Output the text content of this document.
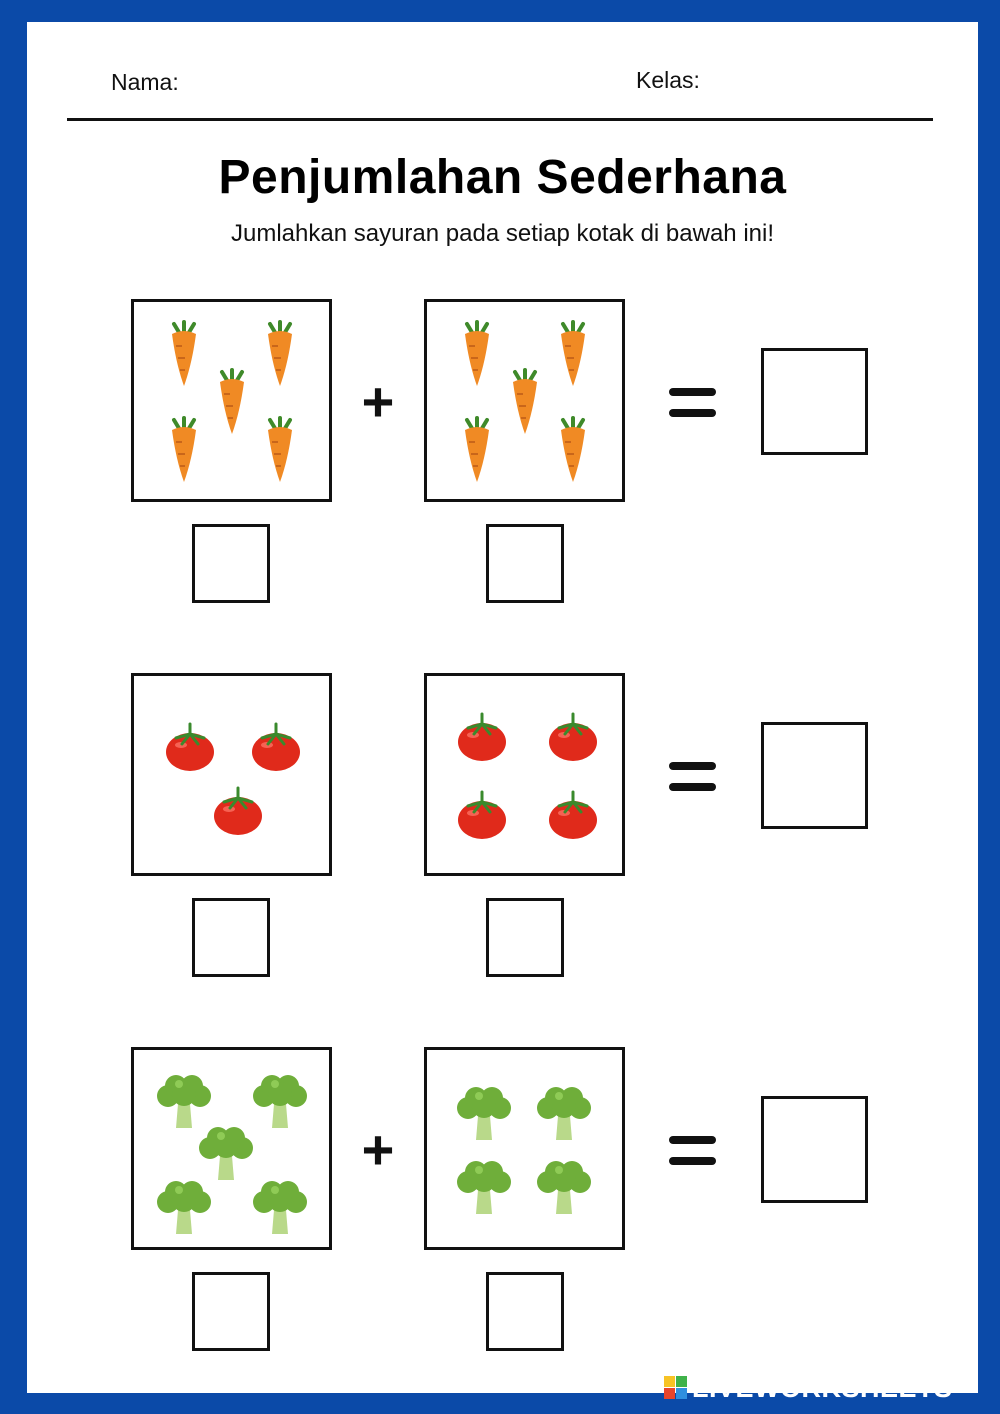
Nama:	Kelas:
Penjumlahan Sederhana
Jumlahkan sayuran pada setiap kotak di bawah ini!
+
+
LIVEWORKSHEETS
